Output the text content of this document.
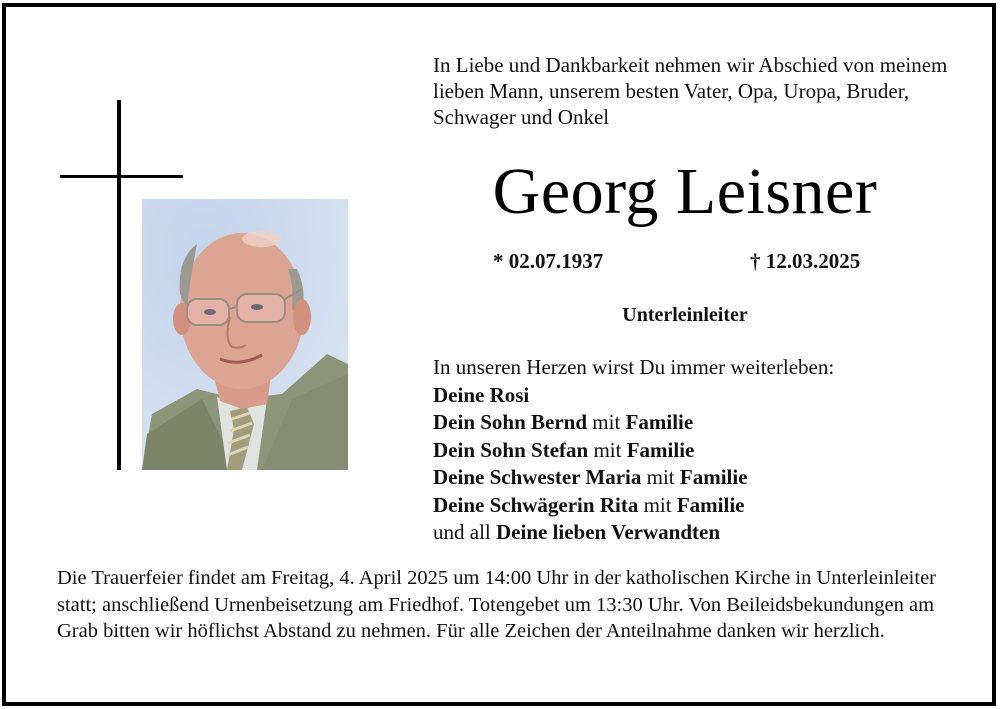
In Liebe und Dankbarkeit nehmen wir Abschied von meinem lieben Mann, unserem besten Vater, Opa, Uropa, Bruder, Schwager und Onkel
Georg Leisner
* 02.07.1937	† 12.03.2025
Unterleinleiter
In unseren Herzen wirst Du immer weiterleben:
Deine Rosi
Dein Sohn Bernd mit Familie
Dein Sohn Stefan mit Familie
Deine Schwester Maria mit Familie
Deine Schwägerin Rita mit Familie
und all Deine lieben Verwandten
Die Trauerfeier findet am Freitag, 4. April 2025 um 14:00 Uhr in der katholischen Kirche in Unterleinleiter statt; anschließend Urnenbeisetzung am Friedhof. Totengebet um 13:30 Uhr. Von Beileidsbekundungen am Grab bitten wir höflichst Abstand zu nehmen. Für alle Zeichen der Anteilnahme danken wir herzlich.
